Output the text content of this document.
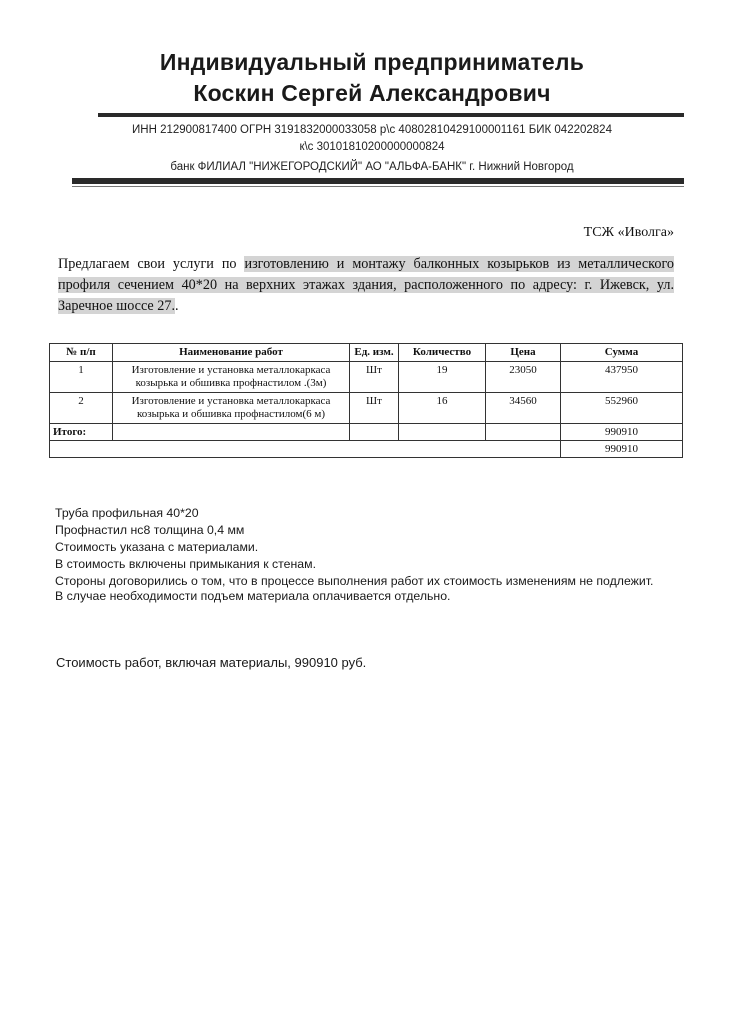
Индивидуальный предприниматель
Коскин Сергей Александрович
ИНН 212900817400 ОГРН 3191832000033058 р\с 40802810429100001161 БИК 042202824
к\с 30101810200000000824
банк ФИЛИАЛ "НИЖЕГОРОДСКИЙ" АО "АЛЬФА-БАНК" г. Нижний Новгород
ТСЖ «Иволга»
Предлагаем свои услуги по изготовлению и монтажу балконных козырьков из металлического профиля сечением 40*20 на верхних этажах здания, расположенного по адресу: г. Ижевск, ул. Заречное шоссе 27..
№ п/п	Наименование работ	Ед. изм.	Количество	Цена	Сумма
1	Изготовление и установка металлокаркаса козырька и обшивка профнастилом .(3м)	Шт	19	23050	437950
2	Изготовление и установка металлокаркаса козырька и обшивка профнастилом(6 м)	Шт	16	34560	552960
Итого:					990910
					990910
Труба профильная 40*20
Профнастил нс8 толщина 0,4 мм
Стоимость указана с материалами.
В стоимость включены примыкания к стенам.
Стороны договорились о том, что в процессе выполнения работ их стоимость изменениям не подлежит.
В случае необходимости подъем материала оплачивается отдельно.
Стоимость работ, включая материалы, 990910 руб.
